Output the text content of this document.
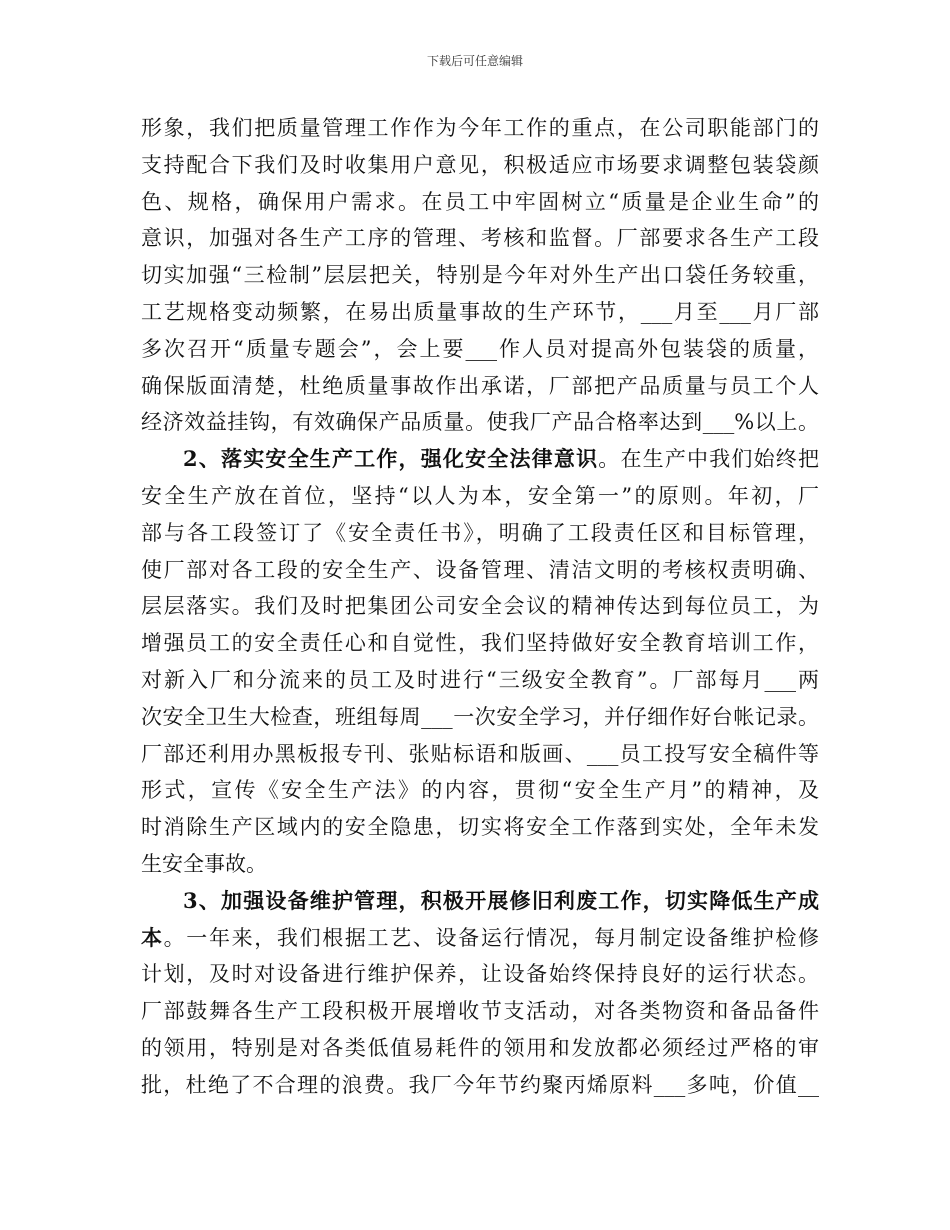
下载后可任意编辑
形象，我们把质量管理工作作为今年工作的重点，在公司职能部门的
支持配合下我们及时收集用户意见，积极适应市场要求调整包装袋颜
色、规格，确保用户需求。在员工中牢固树立“质量是企业生命”的
意识，加强对各生产工序的管理、考核和监督。厂部要求各生产工段
切实加强“三检制”层层把关，特别是今年对外生产出口袋任务较重，
工艺规格变动频繁，在易出质量事故的生产环节，___月至___月厂部
多次召开“质量专题会”，会上要___作人员对提高外包装袋的质量，
确保版面清楚，杜绝质量事故作出承诺，厂部把产品质量与员工个人
经济效益挂钩，有效确保产品质量。使我厂产品合格率达到___%以上。
2、落实安全生产工作，强化安全法律意识。在生产中我们始终把
安全生产放在首位，坚持“以人为本，安全第一”的原则。年初，厂
部与各工段签订了《安全责任书》，明确了工段责任区和目标管理，
使厂部对各工段的安全生产、设备管理、清洁文明的考核权责明确、
层层落实。我们及时把集团公司安全会议的精神传达到每位员工，为
增强员工的安全责任心和自觉性，我们坚持做好安全教育培训工作，
对新入厂和分流来的员工及时进行“三级安全教育”。厂部每月___两
次安全卫生大检查，班组每周___一次安全学习，并仔细作好台帐记录。
厂部还利用办黑板报专刊、张贴标语和版画、___员工投写安全稿件等
形式，宣传《安全生产法》的内容，贯彻“安全生产月”的精神，及
时消除生产区域内的安全隐患，切实将安全工作落到实处，全年未发
生安全事故。
3、加强设备维护管理，积极开展修旧利废工作，切实降低生产成
本。一年来，我们根据工艺、设备运行情况，每月制定设备维护检修
计划，及时对设备进行维护保养，让设备始终保持良好的运行状态。
厂部鼓舞各生产工段积极开展增收节支活动，对各类物资和备品备件
的领用，特别是对各类低值易耗件的领用和发放都必须经过严格的审
批，杜绝了不合理的浪费。我厂今年节约聚丙烯原料___多吨，价值__
